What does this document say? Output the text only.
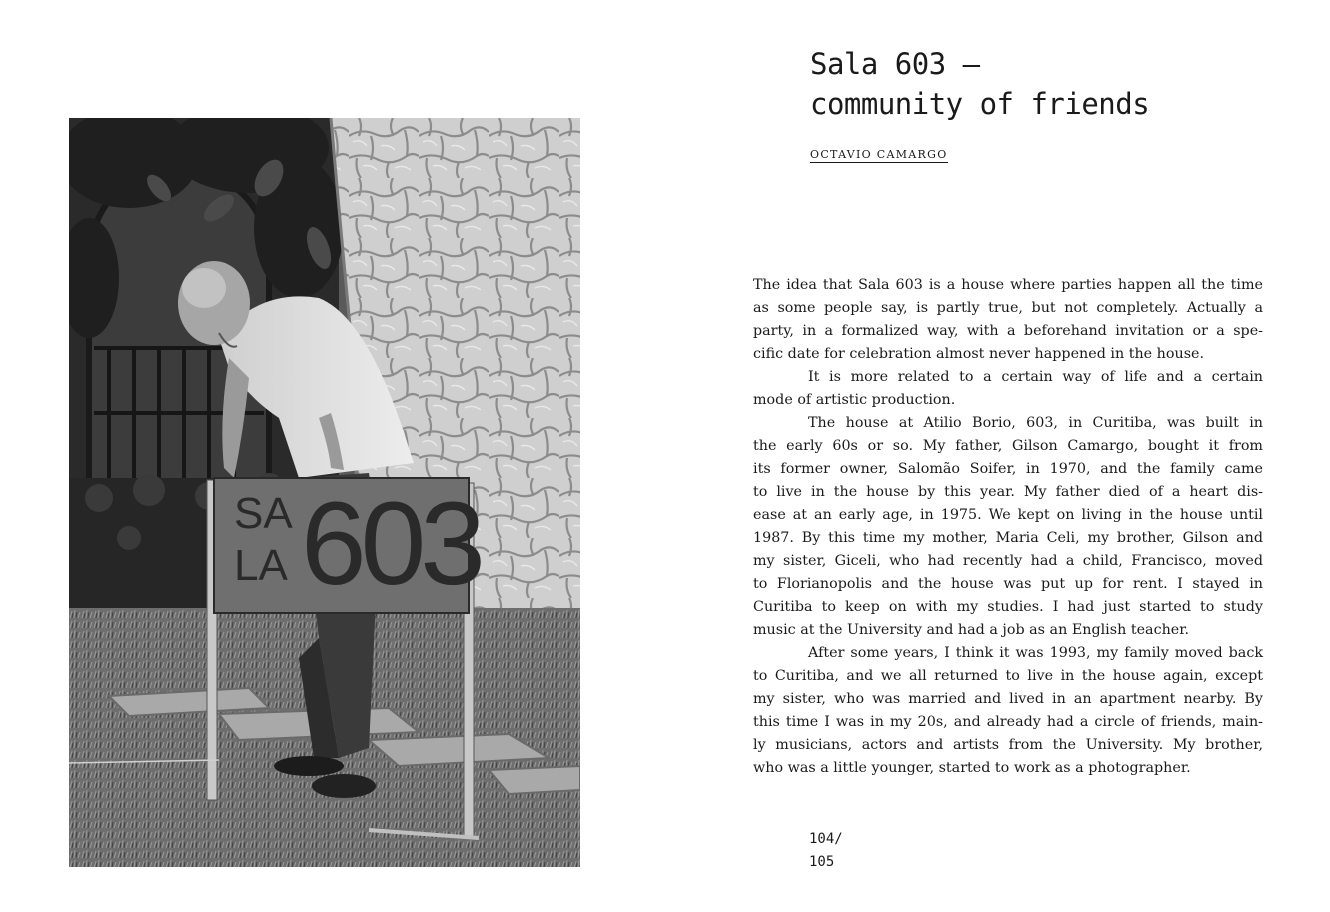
SA
LA 603
Sala 603 –
community of friends
OCTAVIO CAMARGO
The idea that Sala 603 is a house where parties happen all the time
as some people say, is partly true, but not completely. Actually a
party, in a formalized way, with a beforehand invitation or a spe-
cific date for celebration almost never happened in the house.
It is more related to a certain way of life and a certain
mode of artistic production.
The house at Atilio Borio, 603, in Curitiba, was built in
the early 60s or so. My father, Gilson Camargo, bought it from
its former owner, Salomão Soifer, in 1970, and the family came
to live in the house by this year. My father died of a heart dis-
ease at an early age, in 1975. We kept on living in the house until
1987. By this time my mother, Maria Celi, my brother, Gilson and
my sister, Giceli, who had recently had a child, Francisco, moved
to Florianopolis and the house was put up for rent. I stayed in
Curitiba to keep on with my studies. I had just started to study
music at the University and had a job as an English teacher.
After some years, I think it was 1993, my family moved back
to Curitiba, and we all returned to live in the house again, except
my sister, who was married and lived in an apartment nearby. By
this time I was in my 20s, and already had a circle of friends, main-
ly musicians, actors and artists from the University. My brother,
who was a little younger, started to work as a photographer.
104/
105
